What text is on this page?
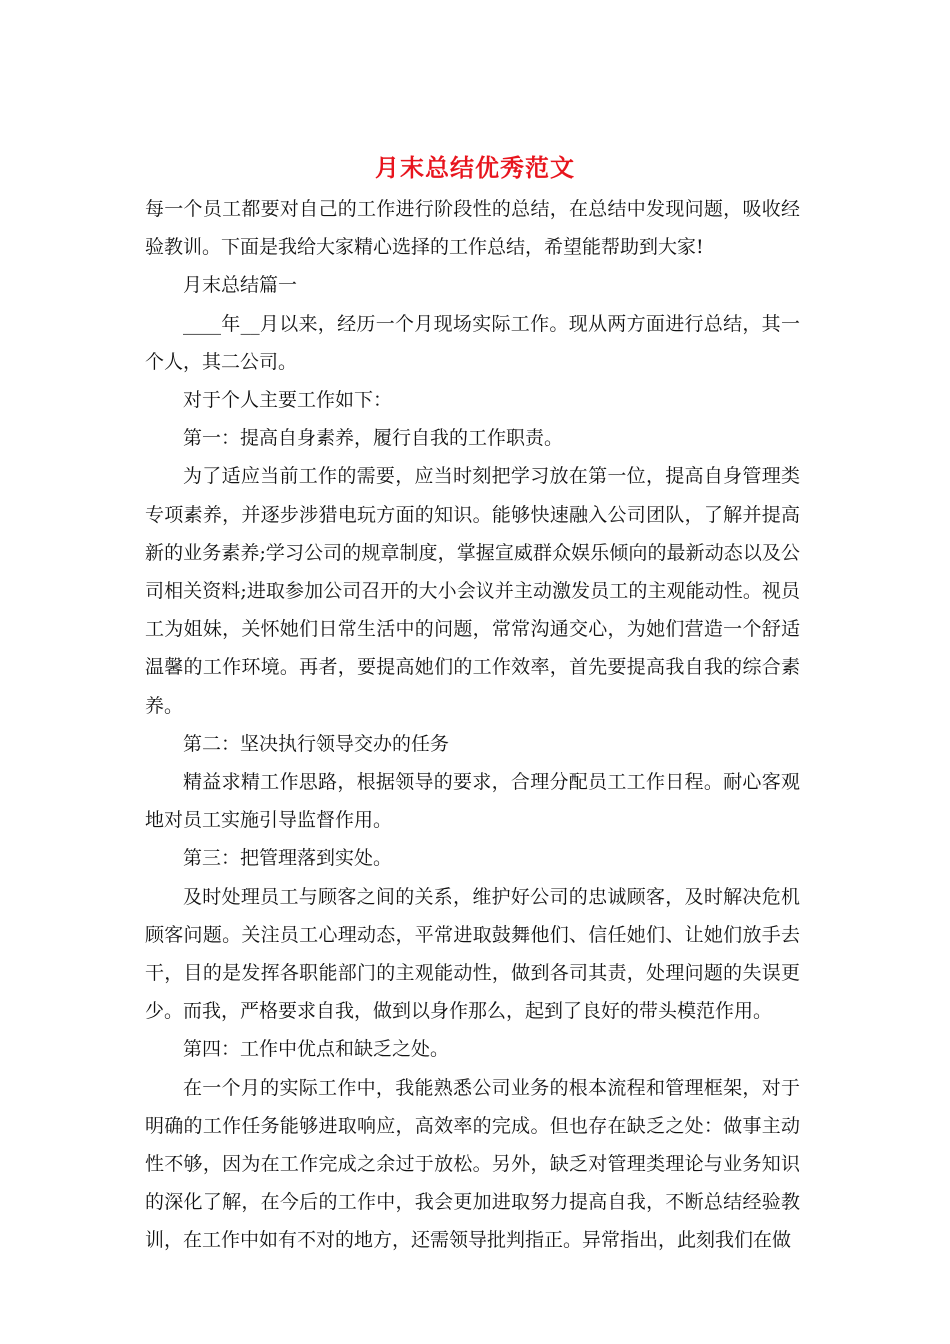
月末总结优秀范文

每一个员工都要对自己的工作进行阶段性的总结，在总结中发现问题，吸收经验教训。下面是我给大家精心选择的工作总结，希望能帮助到大家!

月末总结篇一

____年__月以来，经历一个月现场实际工作。现从两方面进行总结，其一个人，其二公司。

对于个人主要工作如下：

第一：提高自身素养，履行自我的工作职责。

为了适应当前工作的需要，应当时刻把学习放在第一位，提高自身管理类专项素养，并逐步涉猎电玩方面的知识。能够快速融入公司团队，了解并提高新的业务素养;学习公司的规章制度，掌握宣威群众娱乐倾向的最新动态以及公司相关资料;进取参加公司召开的大小会议并主动激发员工的主观能动性。视员工为姐妹，关怀她们日常生活中的问题，常常沟通交心，为她们营造一个舒适温馨的工作环境。再者，要提高她们的工作效率，首先要提高我自我的综合素养。

第二：坚决执行领导交办的任务

精益求精工作思路，根据领导的要求，合理分配员工工作日程。耐心客观地对员工实施引导监督作用。

第三：把管理落到实处。

及时处理员工与顾客之间的关系，维护好公司的忠诚顾客，及时解决危机顾客问题。关注员工心理动态，平常进取鼓舞他们、信任她们、让她们放手去干，目的是发挥各职能部门的主观能动性，做到各司其责，处理问题的失误更少。而我，严格要求自我，做到以身作那么，起到了良好的带头模范作用。

第四：工作中优点和缺乏之处。

在一个月的实际工作中，我能熟悉公司业务的根本流程和管理框架，对于明确的工作任务能够进取响应，高效率的完成。但也存在缺乏之处：做事主动性不够，因为在工作完成之余过于放松。另外，缺乏对管理类理论与业务知识的深化了解，在今后的工作中，我会更加进取努力提高自我，不断总结经验教训，在工作中如有不对的地方，还需领导批判指正。异常指出，此刻我们在做
